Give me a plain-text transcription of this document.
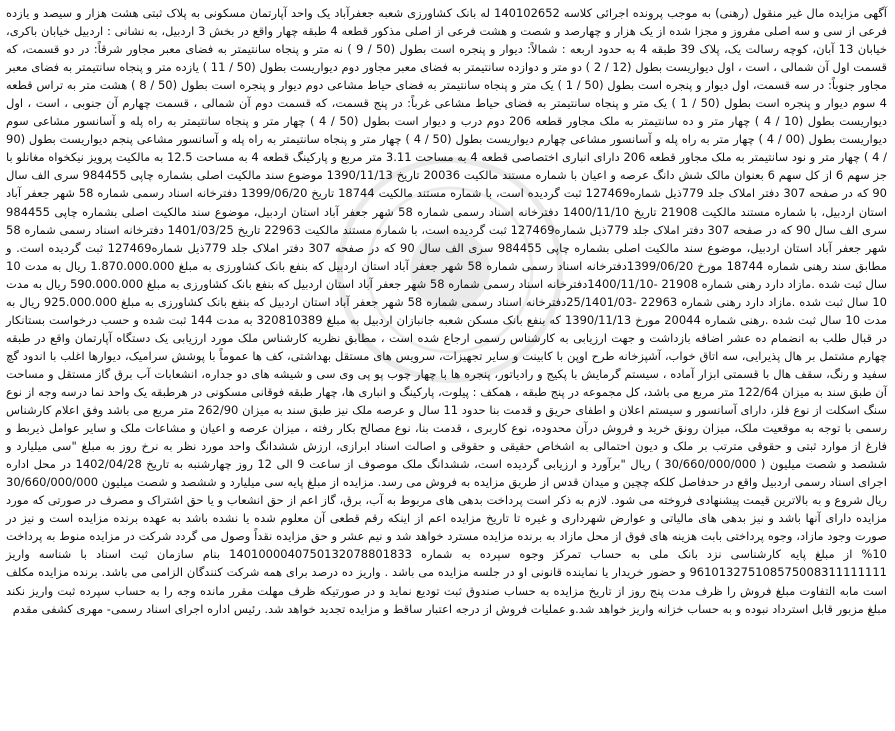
آگهی مزایده مال غیر منقول (رهنی) به موجب پرونده اجرائی کلاسه 140102652 له بانک کشاورزی شعبه جعفرآباد یک واحد آپارتمان مسکونی به پلاک ثبتی هشت هزار و سیصد و یازده فرعی از سی و سه اصلی مفروز و مجزا شده از یک هزار و چهارصد و شصت و هشت فرعی از اصلی مذکور قطعه 4 طبقه چهار واقع در بخش 3 اردبیل، به نشانی : اردبیل خیابان باکری، خیابان 13 آبان، کوچه رسالت یک، پلاک 39 طبقه 4 به حدود اربعه : شمالاً: دیوار و پنجره است بطول (50 / 9 ) نه متر و پنجاه سانتیمتر به فضای معبر مجاور شرقاً: در دو قسمت، که قسمت اول آن شمالی ، است ، اول دیواریست بطول (12 / 2 ) دو متر و دوازده سانتیمتر به فضای معبر مجاور دوم دیواریست بطول (50 / 11 ) یازده متر و پنجاه سانتیمتر به فضای معبر مجاور جنوباً: در سه قسمت، اول دیوار و پنجره است بطول (50 / 1 ) یک متر و پنجاه سانتیمتر به فضای حیاط مشاعی دوم دیوار و پنجره است بطول (50 / 8 ) هشت متر به تراس قطعه 4 سوم دیوار و پنجره است بطول (50 / 1 ) یک متر و پنجاه سانتیمتر به فضای حیاط مشاعی غرباً: در پنج قسمت، که قسمت دوم آن شمالی ، قسمت چهارم آن جنوبی ، است ، اول دیواریست بطول (10 / 4 ) چهار متر و ده سانتیمتر به ملک مجاور قطعه 206 دوم درب و دیوار است بطول (50 / 4 ) چهار متر و پنجاه سانتیمتر به راه پله و آسانسور مشاعی سوم دیواریست بطول (00 / 4 ) چهار متر به راه پله و آسانسور مشاعی چهارم دیواریست بطول (50 / 4 ) چهار متر و پنجاه سانتیمتر به راه پله و آسانسور مشاعی پنجم دیواریست بطول (90 / 4 ) چهار متر و نود سانتیمتر به ملک مجاور قطعه 206 دارای انباری اختصاصی قطعه 4 به مساحت 3.11 متر مربع و پارکینگ قطعه 4 به مساحت 12.5 به مالکیت پرویز نیکخواه مغانلو با جز سهم 6 از کل سهم 6 بعنوان مالک شش دانگ عرصه و اعیان با شماره مستند مالکیت 20036 تاریخ 1390/11/13 موضوع سند مالکیت اصلی بشماره چاپی 984455 سری الف سال 90 که در صفحه 307 دفتر املاک جلد 779ذیل شماره127469 ثبت گردیده است، با شماره مستند مالکیت 18744 تاریخ 1399/06/20 دفترخانه اسناد رسمی شماره 58 شهر جعفر آباد استان اردبیل، با شماره مستند مالکیت 21908 تاریخ 1400/11/10 دفترخانه اسناد رسمی شماره 58 شهر جعفر آباد استان اردبیل، موضوع سند مالکیت اصلی بشماره چاپی 984455 سری الف سال 90 که در صفحه 307 دفتر املاک جلد 779ذیل شماره127469 ثبت گردیده است، با شماره مستند مالکیت 22963 تاریخ 1401/03/25 دفترخانه اسناد رسمی شماره 58 شهر جعفر آباد استان اردبیل، موضوع سند مالکیت اصلی بشماره چاپی 984455 سری الف سال 90 که در صفحه 307 دفتر املاک جلد 779ذیل شماره127469 ثبت گردیده است. و مطابق سند رهنی شماره 18744 مورخ 1399/06/20دفترخانه اسناد رسمی شماره 58 شهر جعفر آباد استان اردبیل که بنفع بانک کشاورزی به مبلغ 1.870.000.000 ریال به مدت 10 سال ثبت شده .مازاد دارد رهنی شماره 21908 -1400/11/10دفترخانه اسناد رسمی شماره 58 شهر جعفر آباد استان اردبیل که بنفع بانک کشاورزی به مبلغ 590.000.000 ریال به مدت 10 سال ثبت شده .مازاد دارد رهنی شماره 22963 -25/1401/03دفترخانه اسناد رسمی شماره 58 شهر جعفر آباد استان اردبیل که بنفع بانک کشاورزی به مبلغ 925.000.000 ریال به مدت 10 سال ثبت شده .رهنی شماره 20044 مورخ 1390/11/13 که بنفع بانک مسکن شعبه جانبازان اردبیل به مبلغ 320810389 به مدت 144 ثبت شده و حسب درخواست بستانکار در قبال طلب به انضمام ده عشر اضافه بازداشت و جهت ارزیابی به کارشناس رسمی ارجاع شده است ، مطابق نظریه کارشناس ملک مورد ارزیابی یک دستگاه آپارتمان واقع در طبقه چهارم مشتمل بر هال پذیرایی، سه اتاق خواب، آشپزخانه طرح اوپن با کابینت و سایر تجهیزات، سرویس های مستقل بهداشتی، کف ها عموماً با پوشش سرامیک، دیوارها اغلب با اندود گچ سفید و رنگ، سقف هال با قسمتی ابزار آماده ، سیستم گرمایش با پکیج و رادیاتور، پنجره ها با چهار چوب پو پی وی سی و شیشه های دو جداره، انشعابات آب برق گاز مستقل و مساحت آن طبق سند به میزان 122/64 متر مربع می باشد، کل مجموعه در پنج طبقه ، همکف : پیلوت، پارکینگ و انباری ها، چهار طبقه فوقانی مسکونی در هرطبقه یک واحد نما درسه وجه از نوع سنگ اسکلت از نوع فلز، دارای آسانسور و سیستم اعلان و اطفای حریق و قدمت بنا حدود 11 سال و عرصه ملک نیز طبق سند به میزان 262/90 متر مربع می باشد وفق اعلام کارشناس رسمی با توجه به موقعیت ملک، میزان رونق خرید و فروش درآن محدوده، نوع کاربری ، قدمت بنا، نوع مصالح بکار رفته ، میزان عرصه و اعیان و مشاعات ملک و سایر عوامل ذیربط و فارغ از موارد ثبتی و حقوقی مترتب بر ملک و دیون احتمالی به اشخاص حقیقی و حقوقی و اصالت اسناد ابرازی، ارزش ششدانگ واحد مورد نظر به نرخ روز به مبلغ "سی میلیارد و ششصد و شصت میلیون ( 30/660/000/000 ) ریال "برآورد و ارزیابی گردیده است، ششدانگ ملک موصوف از ساعت 9 الی 12 روز چهارشنبه به تاریخ 1402/04/28 در محل اداره اجرای اسناد رسمی اردبیل واقع در حدفاصل کلکه چچین و میدان قدس از طریق مزایده به فروش می رسد. مزایده از مبلغ پایه سی میلیارد و ششصد و شصت میلیون 30/660/000/000 ریال شروع و به بالاترین قیمت پیشنهادی فروخته می شود. لازم به ذکر است پرداخت بدهی های مربوط به آب، برق، گاز اعم از حق انشعاب و یا حق اشتراک و مصرف در صورتی که مورد مزایده دارای آنها باشد و نیز بدهی های مالیاتی و عوارض شهرداری و غیره تا تاریخ مزایده اعم از اینکه رقم قطعی آن معلوم شده یا نشده باشد به عهده برنده مزایده است و نیز در صورت وجود مازاد، وجوه پرداختی بابت هزینه های فوق از محل مازاد به برنده مزایده مسترد خواهد شد و نیم عشر و حق مزایده نقداً وصول می گردد شرکت در مزایده منوط به پرداخت 10% از مبلغ پایه کارشناسی نزد بانک ملی به حساب تمرکز وجوه سپرده به شماره 1401000040750132078801833 بنام سازمان ثبت اسناد با شناسه واریز 961013275108575008311111111 و حضور خریدار یا نماینده قانونی او در جلسه مزایده می باشد . واریز ده درصد برای همه شرکت کنندگان الزامی می باشد. برنده مزایده مکلف است مابه التفاوت مبلغ فروش را ظرف مدت پنج روز از تاریخ مزایده به حساب صندوق ثبت تودیع نماید و در صورتیکه ظرف مهلت مقرر مانده وجه را به حساب سپرده ثبت واریز نکند مبلغ مزبور قابل استرداد نبوده و به حساب خزانه واریز خواهد شد.و عملیات فروش از درجه اعتبار ساقط و مزایده تجدید خواهد شد. رئیس اداره اجرای اسناد رسمی- مهری کشفی مقدم
